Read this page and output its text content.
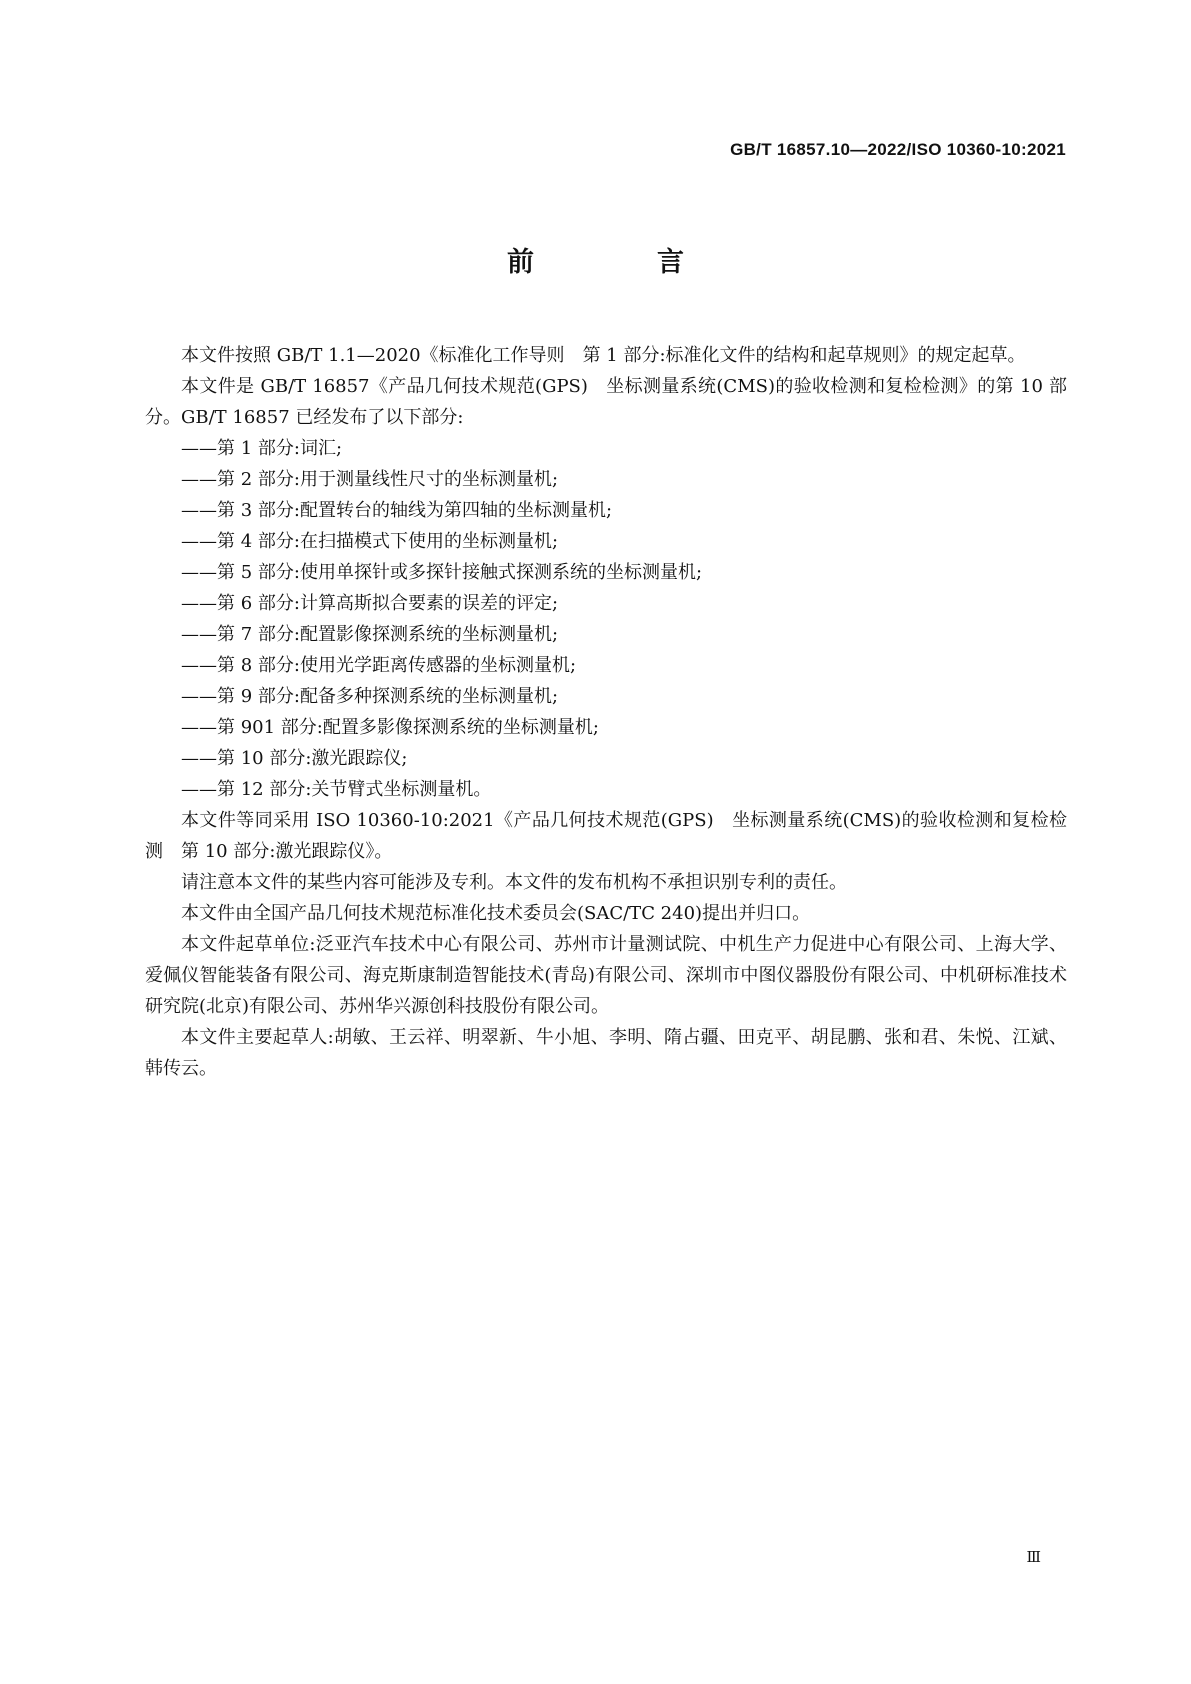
GB/T 16857.10—2022/ISO 10360-10:2021
前　言

本文件按照 GB/T 1.1—2020《标准化工作导则 第 1 部分:标准化文件的结构和起草规则》的规定起草。

本文件是 GB/T 16857《产品几何技术规范(GPS) 坐标测量系统(CMS)的验收检测和复检检测》的第 10 部分。GB/T 16857 已经发布了以下部分:

——第 1 部分:词汇;
——第 2 部分:用于测量线性尺寸的坐标测量机;
——第 3 部分:配置转台的轴线为第四轴的坐标测量机;
——第 4 部分:在扫描模式下使用的坐标测量机;
——第 5 部分:使用单探针或多探针接触式探测系统的坐标测量机;
——第 6 部分:计算高斯拟合要素的误差的评定;
——第 7 部分:配置影像探测系统的坐标测量机;
——第 8 部分:使用光学距离传感器的坐标测量机;
——第 9 部分:配备多种探测系统的坐标测量机;
——第 901 部分:配置多影像探测系统的坐标测量机;
——第 10 部分:激光跟踪仪;
——第 12 部分:关节臂式坐标测量机。

本文件等同采用 ISO 10360-10:2021《产品几何技术规范(GPS) 坐标测量系统(CMS)的验收检测和复检检测 第 10 部分:激光跟踪仪》。

请注意本文件的某些内容可能涉及专利。本文件的发布机构不承担识别专利的责任。

本文件由全国产品几何技术规范标准化技术委员会(SAC/TC 240)提出并归口。

本文件起草单位:泛亚汽车技术中心有限公司、苏州市计量测试院、中机生产力促进中心有限公司、上海大学、爱佩仪智能装备有限公司、海克斯康制造智能技术(青岛)有限公司、深圳市中图仪器股份有限公司、中机研标准技术研究院(北京)有限公司、苏州华兴源创科技股份有限公司。

本文件主要起草人:胡敏、王云祥、明翠新、牛小旭、李明、隋占疆、田克平、胡昆鹏、张和君、朱悦、江斌、韩传云。

Ⅲ
